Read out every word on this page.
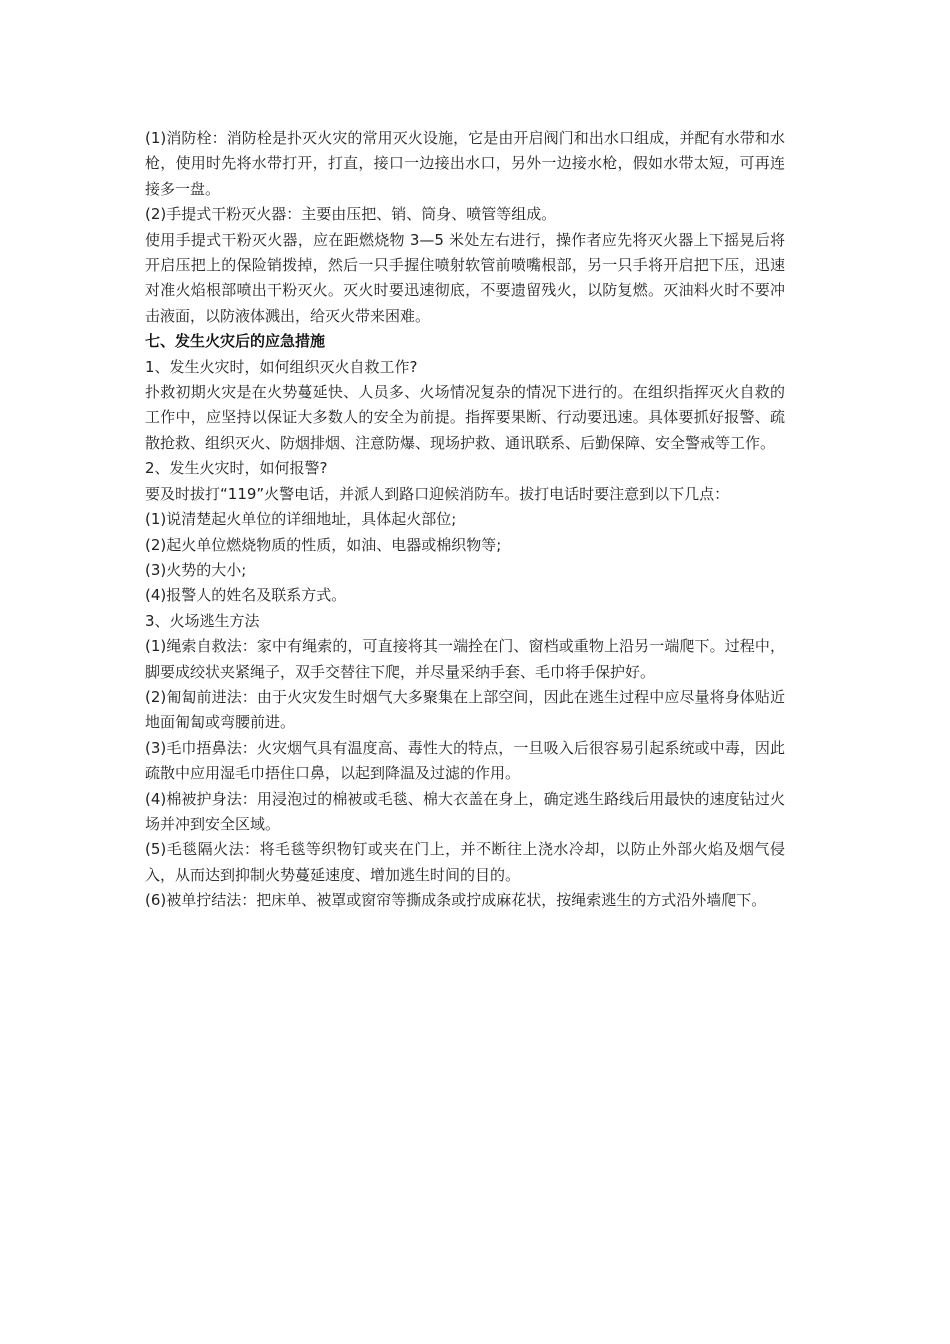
(1)消防栓：消防栓是扑灭火灾的常用灭火设施，它是由开启阀门和出水口组成，并配有水带和水枪，使用时先将水带打开，打直，接口一边接出水口，另外一边接水枪，假如水带太短，可再连接多一盘。

(2)手提式干粉灭火器：主要由压把、销、筒身、喷管等组成。

使用手提式干粉灭火器，应在距燃烧物 3—5 米处左右进行，操作者应先将灭火器上下摇晃后将开启压把上的保险销拨掉，然后一只手握住喷射软管前喷嘴根部，另一只手将开启把下压，迅速对准火焰根部喷出干粉灭火。灭火时要迅速彻底，不要遗留残火，以防复燃。灭油料火时不要冲击液面，以防液体溅出，给灭火带来困难。

七、发生火灾后的应急措施

1、发生火灾时，如何组织灭火自救工作?

扑救初期火灾是在火势蔓延快、人员多、火场情况复杂的情况下进行的。在组织指挥灭火自救的工作中，应坚持以保证大多数人的安全为前提。指挥要果断、行动要迅速。具体要抓好报警、疏散抢救、组织灭火、防烟排烟、注意防爆、现场护救、通讯联系、后勤保障、安全警戒等工作。

2、发生火灾时，如何报警?

要及时拔打“119”火警电话，并派人到路口迎候消防车。拔打电话时要注意到以下几点：

(1)说清楚起火单位的详细地址，具体起火部位;

(2)起火单位燃烧物质的性质，如油、电器或棉织物等;

(3)火势的大小;

(4)报警人的姓名及联系方式。

3、火场逃生方法

(1)绳索自救法：家中有绳索的，可直接将其一端拴在门、窗档或重物上沿另一端爬下。过程中，脚要成绞状夹紧绳子，双手交替往下爬，并尽量采纳手套、毛巾将手保护好。

(2)匍匐前进法：由于火灾发生时烟气大多聚集在上部空间，因此在逃生过程中应尽量将身体贴近地面匍匐或弯腰前进。

(3)毛巾捂鼻法：火灾烟气具有温度高、毒性大的特点，一旦吸入后很容易引起系统或中毒，因此疏散中应用湿毛巾捂住口鼻，以起到降温及过滤的作用。

(4)棉被护身法：用浸泡过的棉被或毛毯、棉大衣盖在身上，确定逃生路线后用最快的速度钻过火场并冲到安全区域。

(5)毛毯隔火法：将毛毯等织物钉或夹在门上，并不断往上浇水冷却，以防止外部火焰及烟气侵入，从而达到抑制火势蔓延速度、增加逃生时间的目的。

(6)被单拧结法：把床单、被罩或窗帘等撕成条或拧成麻花状，按绳索逃生的方式沿外墙爬下。
